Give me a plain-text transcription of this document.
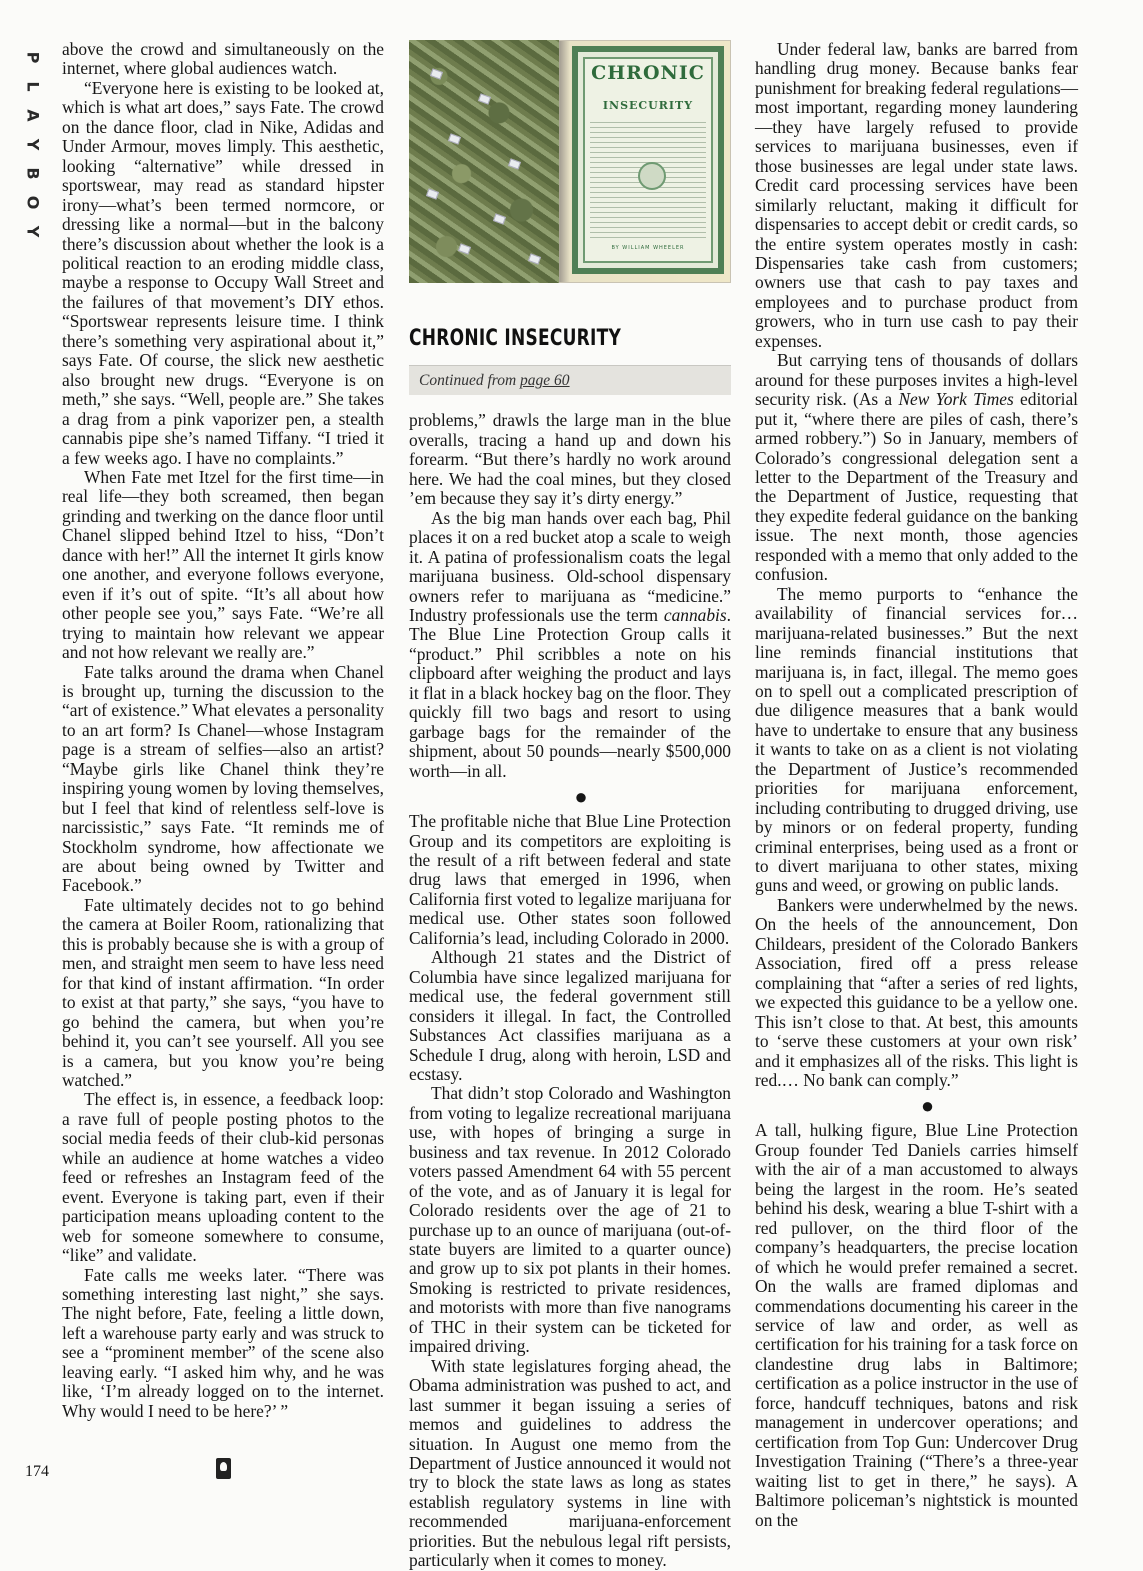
P
L
A
Y
B
O
Y

above the crowd and simultaneously on the internet, where global audiences watch.

“Everyone here is existing to be looked at, which is what art does,” says Fate. The crowd on the dance floor, clad in Nike, Adidas and Under Armour, moves limply. This aesthetic, looking “alternative” while dressed in sportswear, may read as standard hipster irony—what’s been termed normcore, or dressing like a normal—but in the balcony there’s discussion about whether the look is a political reaction to an eroding middle class, maybe a response to Occupy Wall Street and the failures of that movement’s DIY ethos. “Sportswear represents leisure time. I think there’s something very aspirational about it,” says Fate. Of course, the slick new aesthetic also brought new drugs. “Everyone is on meth,” she says. “Well, people are.” She takes a drag from a pink vaporizer pen, a stealth cannabis pipe she’s named Tiffany. “I tried it a few weeks ago. I have no complaints.”

When Fate met Itzel for the first time—in real life—they both screamed, then began grinding and twerking on the dance floor until Chanel slipped behind Itzel to hiss, “Don’t dance with her!” All the internet It girls know one another, and everyone follows everyone, even if it’s out of spite. “It’s all about how other people see you,” says Fate. “We’re all trying to maintain how relevant we appear and not how relevant we really are.”

Fate talks around the drama when Chanel is brought up, turning the discussion to the “art of existence.” What elevates a personality to an art form? Is Chanel—whose Instagram page is a stream of selfies—also an artist? “Maybe girls like Chanel think they’re inspiring young women by loving themselves, but I feel that kind of relentless self-love is narcissistic,” says Fate. “It reminds me of Stockholm syndrome, how affectionate we are about being owned by Twitter and Facebook.”

Fate ultimately decides not to go behind the camera at Boiler Room, rationalizing that this is probably because she is with a group of men, and straight men seem to have less need for that kind of instant affirmation. “In order to exist at that party,” she says, “you have to go behind the camera, but when you’re behind it, you can’t see yourself. All you see is a camera, but you know you’re being watched.”

The effect is, in essence, a feedback loop: a rave full of people posting photos to the social media feeds of their club-kid personas while an audience at home watches a video feed or refreshes an Instagram feed of the event. Everyone is taking part, even if their participation means uploading content to the web for someone somewhere to consume, “like” and validate.

Fate calls me weeks later. “There was something interesting last night,” she says. The night before, Fate, feeling a little down, left a warehouse party early and was struck to see a “prominent member” of the scene also leaving early. “I asked him why, and he was like, ‘I’m already logged on to the internet. Why would I need to be here?’ ”

CHRONIC
INSECURITY
BY WILLIAM WHEELER
CHRONIC INSECURITY
Continued from page 60

problems,” drawls the large man in the blue overalls, tracing a hand up and down his forearm. “But there’s hardly no work around here. We had the coal mines, but they closed ’em because they say it’s dirty energy.”

As the big man hands over each bag, Phil places it on a red bucket atop a scale to weigh it. A patina of professionalism coats the legal marijuana business. Old-school dispensary owners refer to marijuana as “medicine.” Industry professionals use the term cannabis. The Blue Line Protection Group calls it “product.” Phil scribbles a note on his clipboard after weighing the product and lays it flat in a black hockey bag on the floor. They quickly fill two bags and resort to using garbage bags for the remainder of the shipment, about 50 pounds—nearly $500,000 worth—in all.

●

The profitable niche that Blue Line Protection Group and its competitors are exploiting is the result of a rift between federal and state drug laws that emerged in 1996, when California first voted to legalize marijuana for medical use. Other states soon followed California’s lead, including Colorado in 2000.

Although 21 states and the District of Columbia have since legalized marijuana for medical use, the federal government still considers it illegal. In fact, the Controlled Substances Act classifies marijuana as a Schedule I drug, along with heroin, LSD and ecstasy.

That didn’t stop Colorado and Washington from voting to legalize recreational marijuana use, with hopes of bringing a surge in business and tax revenue. In 2012 Colorado voters passed Amendment 64 with 55 percent of the vote, and as of January it is legal for Colorado residents over the age of 21 to purchase up to an ounce of marijuana (out-of-state buyers are limited to a quarter ounce) and grow up to six pot plants in their homes. Smoking is restricted to private residences, and motorists with more than five nanograms of THC in their system can be ticketed for impaired driving.

With state legislatures forging ahead, the Obama administration was pushed to act, and last summer it began issuing a series of memos and guidelines to address the situation. In August one memo from the Department of Justice announced it would not try to block the state laws as long as states establish regulatory systems in line with recommended marijuana-enforcement priorities. But the nebulous legal rift persists, particularly when it comes to money.

Under federal law, banks are barred from handling drug money. Because banks fear punishment for breaking federal regulations—most important, regarding money laundering—they have largely refused to provide services to marijuana businesses, even if those businesses are legal under state laws. Credit card processing services have been similarly reluctant, making it difficult for dispensaries to accept debit or credit cards, so the entire system operates mostly in cash: Dispensaries take cash from customers; owners use that cash to pay taxes and employees and to purchase product from growers, who in turn use cash to pay their expenses.

But carrying tens of thousands of dollars around for these purposes invites a high-level security risk. (As a New York Times editorial put it, “where there are piles of cash, there’s armed robbery.”) So in January, members of Colorado’s congressional delegation sent a letter to the Department of the Treasury and the Department of Justice, requesting that they expedite federal guidance on the banking issue. The next month, those agencies responded with a memo that only added to the confusion.

The memo purports to “enhance the availability of financial services for… marijuana-related businesses.” But the next line reminds financial institutions that marijuana is, in fact, illegal. The memo goes on to spell out a complicated prescription of due diligence measures that a bank would have to undertake to ensure that any business it wants to take on as a client is not violating the Department of Justice’s recommended priorities for marijuana enforcement, including contributing to drugged driving, use by minors or on federal property, funding criminal enterprises, being used as a front or to divert marijuana to other states, mixing guns and weed, or growing on public lands.

Bankers were underwhelmed by the news. On the heels of the announcement, Don Childears, president of the Colorado Bankers Association, fired off a press release complaining that “after a series of red lights, we expected this guidance to be a yellow one. This isn’t close to that. At best, this amounts to ‘serve these customers at your own risk’ and it emphasizes all of the risks. This light is red.… No bank can comply.”

●

A tall, hulking figure, Blue Line Protection Group founder Ted Daniels carries himself with the air of a man accustomed to always being the largest in the room. He’s seated behind his desk, wearing a blue T-shirt with a red pullover, on the third floor of the company’s headquarters, the precise location of which he would prefer remained a secret. On the walls are framed diplomas and commendations documenting his career in the service of law and order, as well as certification for his training for a task force on clandestine drug labs in Baltimore; certification as a police instructor in the use of force, handcuff techniques, batons and risk management in undercover operations; and certification from Top Gun: Undercover Drug Investigation Training (“There’s a three-year waiting list to get in there,” he says). A Baltimore policeman’s nightstick is mounted on the

174
